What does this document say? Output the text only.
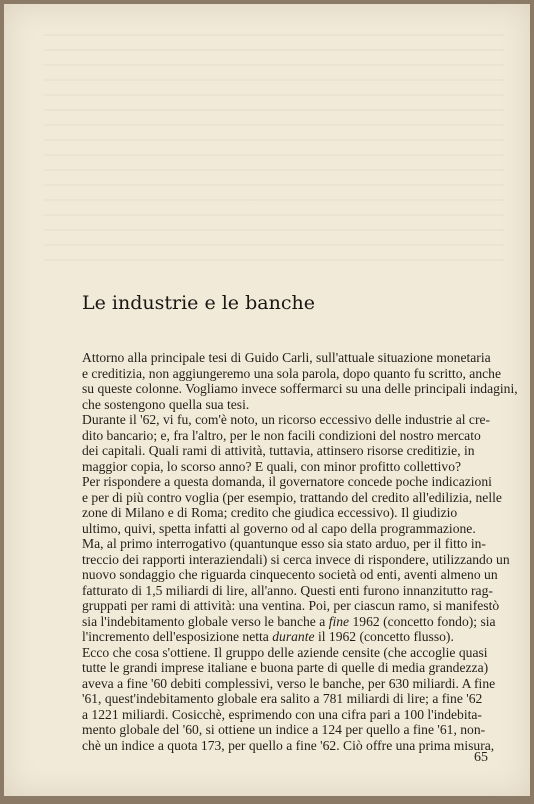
Le industrie e le banche

Attorno alla principale tesi di Guido Carli, sull'attuale situazione monetaria
e creditizia, non aggiungeremo una sola parola, dopo quanto fu scritto, anche
su queste colonne. Vogliamo invece soffermarci su una delle principali indagini,
che sostengono quella sua tesi.

Durante il '62, vi fu, com'è noto, un ricorso eccessivo delle industrie al cre-
dito bancario; e, fra l'altro, per le non facili condizioni del nostro mercato
dei capitali. Quali rami di attività, tuttavia, attinsero risorse creditizie, in
maggior copia, lo scorso anno? E quali, con minor profitto collettivo?

Per rispondere a questa domanda, il governatore concede poche indicazioni
e per di più contro voglia (per esempio, trattando del credito all'edilizia, nelle
zone di Milano e di Roma; credito che giudica eccessivo). Il giudizio
ultimo, quivi, spetta infatti al governo od al capo della programmazione.

Ma, al primo interrogativo (quantunque esso sia stato arduo, per il fitto in-
treccio dei rapporti interaziendali) si cerca invece di rispondere, utilizzando un
nuovo sondaggio che riguarda cinquecento società od enti, aventi almeno un
fatturato di 1,5 miliardi di lire, all'anno. Questi enti furono innanzitutto rag-
gruppati per rami di attività: una ventina. Poi, per ciascun ramo, si manifestò
sia l'indebitamento globale verso le banche a fine 1962 (concetto fondo); sia
l'incremento dell'esposizione netta durante il 1962 (concetto flusso).

Ecco che cosa s'ottiene. Il gruppo delle aziende censite (che accoglie quasi
tutte le grandi imprese italiane e buona parte di quelle di media grandezza)
aveva a fine '60 debiti complessivi, verso le banche, per 630 miliardi. A fine
'61, quest'indebitamento globale era salito a 781 miliardi di lire; a fine '62
a 1221 miliardi. Cosicchè, esprimendo con una cifra pari a 100 l'indebita-
mento globale del '60, si ottiene un indice a 124 per quello a fine '61, non-
chè un indice a quota 173, per quello a fine '62. Ciò offre una prima misura,

65
